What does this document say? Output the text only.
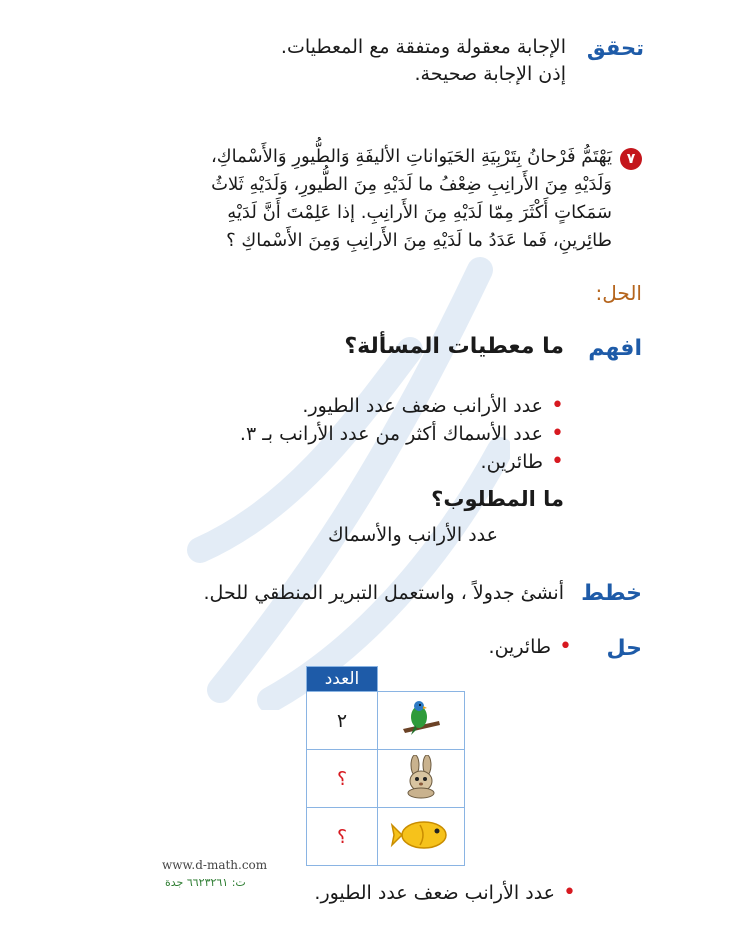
تحقق
الإجابة معقولة ومتفقة مع المعطيات.
إذن الإجابة صحيحة.
٧
يَهْتَمُّ فَرْحانُ بِتَرْبِيَةِ الحَيَواناتِ الأليفَةِ وَالطُّيورِ وَالأَسْماكِ،
وَلَدَيْهِ مِنَ الأَرانِبِ ضِعْفُ ما لَدَيْهِ مِنَ الطُّيورِ، وَلَدَيْهِ ثَلاثُ
سَمَكاتٍ أَكْثَرَ مِمّا لَدَيْهِ مِنَ الأَرانِبِ. إذا عَلِمْتَ أَنَّ لَدَيْهِ
طائِرينِ، فَما عَدَدُ ما لَدَيْهِ مِنَ الأَرانِبِ وَمِنَ الأَسْماكِ ؟
الحل:
افهم
ما معطيات المسألة؟
•عدد الأرانب ضعف عدد الطيور.
•عدد الأسماك أكثر من عدد الأرانب بـ ٣.
•طائرين.
ما المطلوب؟
عدد الأرانب والأسماك
خطط
أنشئ جدولاً ، واستعمل التبرير المنطقي للحل.
حل
•طائرين.
	العدد
	٢
	؟
	؟
www.d-math.com
ت: ٦٦٢٣٢٦١ جدة	•عدد الأرانب ضعف عدد الطيور.
